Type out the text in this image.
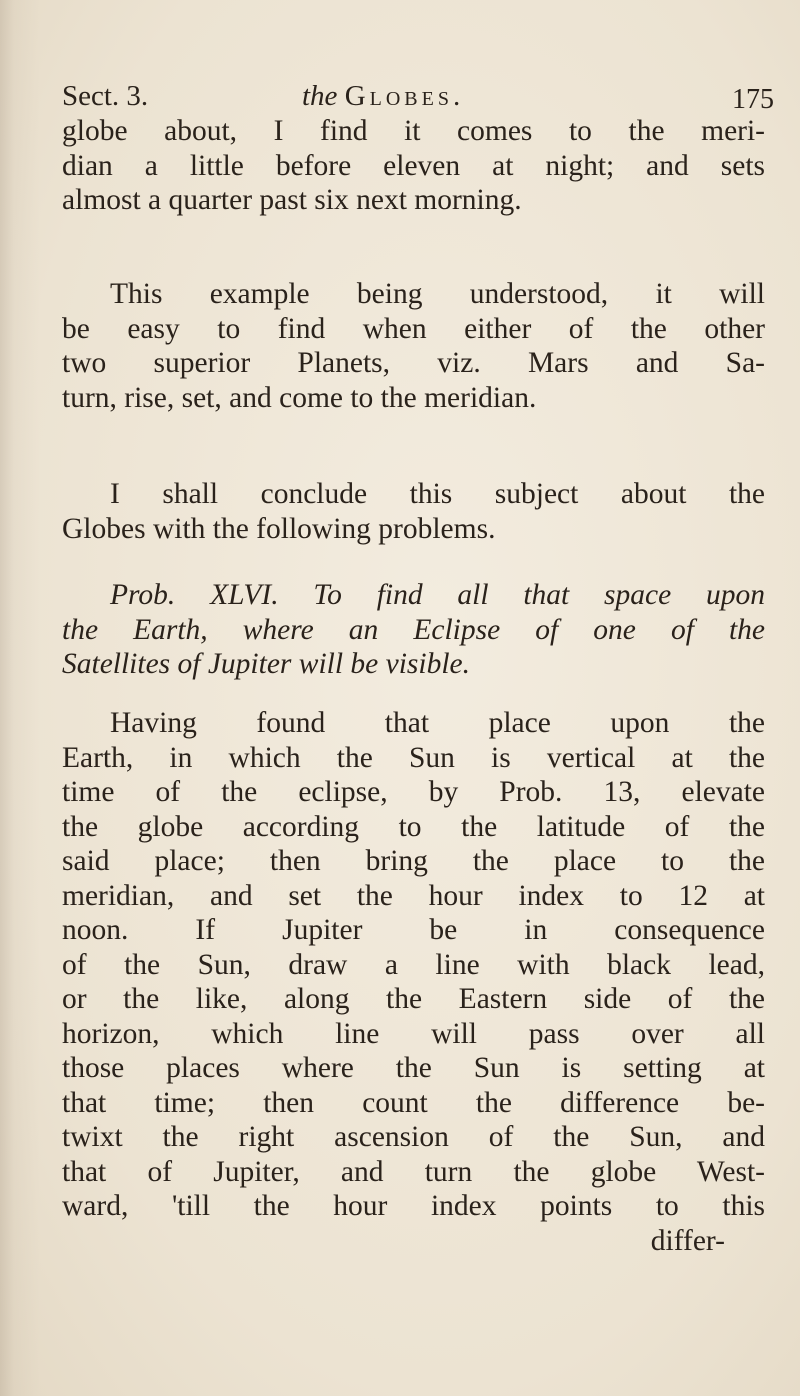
Sect. 3.	the Globes.	175
globe about, I find it comes to the meri-
dian a little before eleven at night; and sets
almost a quarter past six next morning.
This example being understood, it will
be easy to find when either of the other
two superior Planets, viz. Mars and Sa-
turn, rise, set, and come to the meridian.
I shall conclude this subject about the
Globes with the following problems.
Prob. XLVI. To find all that space upon
the Earth, where an Eclipse of one of the
Satellites of Jupiter will be visible.
Having found that place upon the
Earth, in which the Sun is vertical at the
time of the eclipse, by Prob. 13, elevate
the globe according to the latitude of the
said place; then bring the place to the
meridian, and set the hour index to 12 at
noon. If Jupiter be in consequence
of the Sun, draw a line with black lead,
or the like, along the Eastern side of the
horizon, which line will pass over all
those places where the Sun is setting at
that time; then count the difference be-
twixt the right ascension of the Sun, and
that of Jupiter, and turn the globe West-
ward, 'till the hour index points to this
differ-
